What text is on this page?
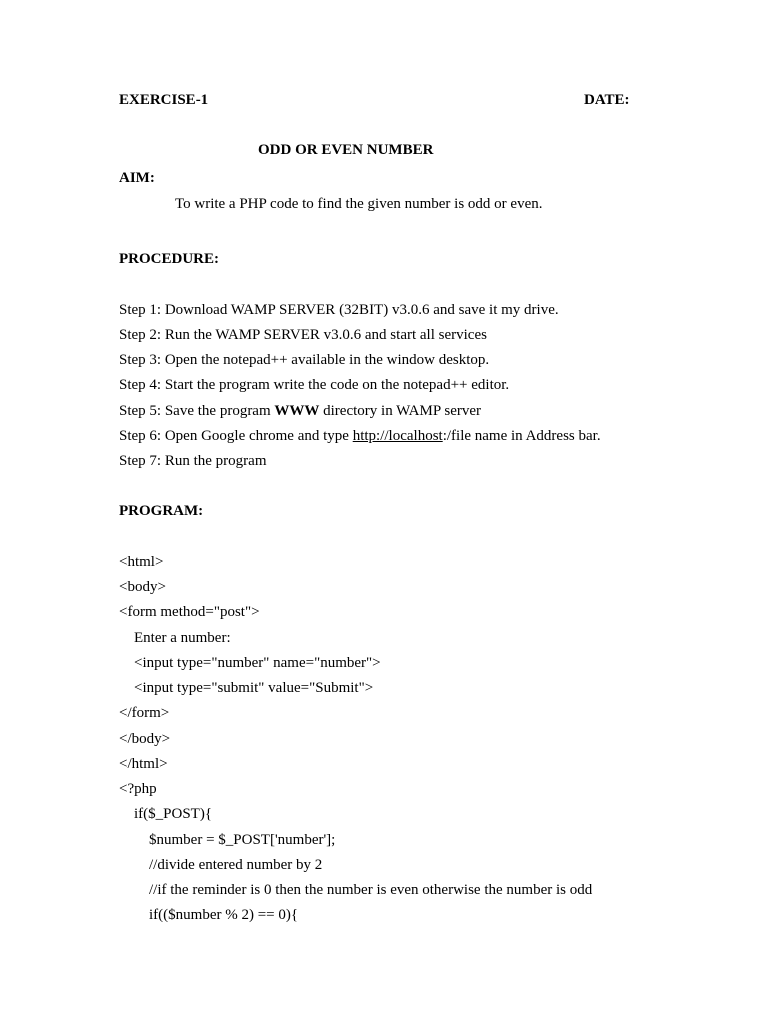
EXERCISE-1	DATE:
ODD OR EVEN NUMBER
AIM:
To write a PHP code to find the given number is odd or even.
PROCEDURE:
Step 1: Download WAMP SERVER (32BIT) v3.0.6 and save it my drive.
Step 2: Run the WAMP SERVER v3.0.6 and start all services
Step 3: Open the notepad++ available in the window desktop.
Step 4: Start the program write the code on the notepad++ editor.
Step 5: Save the program WWW directory in WAMP server
Step 6: Open Google chrome and type http://localhost:/file name in Address bar.
Step 7: Run the program
PROGRAM:
<html>
<body>
<form method="post">
Enter a number:
<input type="number" name="number">
<input type="submit" value="Submit">
</form>
</body>
</html>
<?php
if($_POST){
$number = $_POST['number'];
//divide entered number by 2
//if the reminder is 0 then the number is even otherwise the number is odd
if(($number % 2) == 0){
